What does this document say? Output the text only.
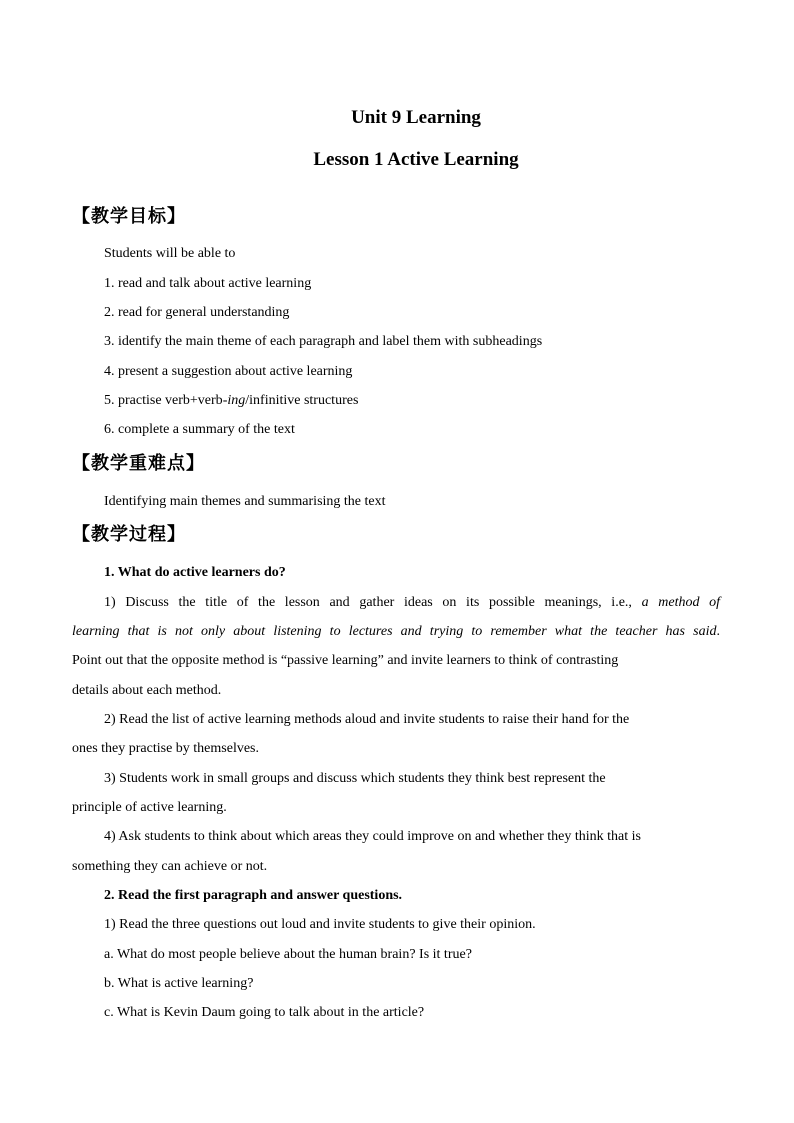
Unit 9 Learning
Lesson 1 Active Learning
【教学目标】
Students will be able to
1. read and talk about active learning
2. read for general understanding
3. identify the main theme of each paragraph and label them with subheadings
4. present a suggestion about active learning
5. practise verb+verb-ing/infinitive structures
6. complete a summary of the text
【教学重难点】
Identifying main themes and summarising the text
【教学过程】
1. What do active learners do?
1) Discuss the title of the lesson and gather ideas on its possible meanings, i.e., a method of
learning that is not only about listening to lectures and trying to remember what the teacher has said.
Point out that the opposite method is “passive learning” and invite learners to think of contrasting
details about each method.
2) Read the list of active learning methods aloud and invite students to raise their hand for the
ones they practise by themselves.
3) Students work in small groups and discuss which students they think best represent the
principle of active learning.
4) Ask students to think about which areas they could improve on and whether they think that is
something they can achieve or not.
2. Read the first paragraph and answer questions.
1) Read the three questions out loud and invite students to give their opinion.
a. What do most people believe about the human brain? Is it true?
b. What is active learning?
c. What is Kevin Daum going to talk about in the article?
